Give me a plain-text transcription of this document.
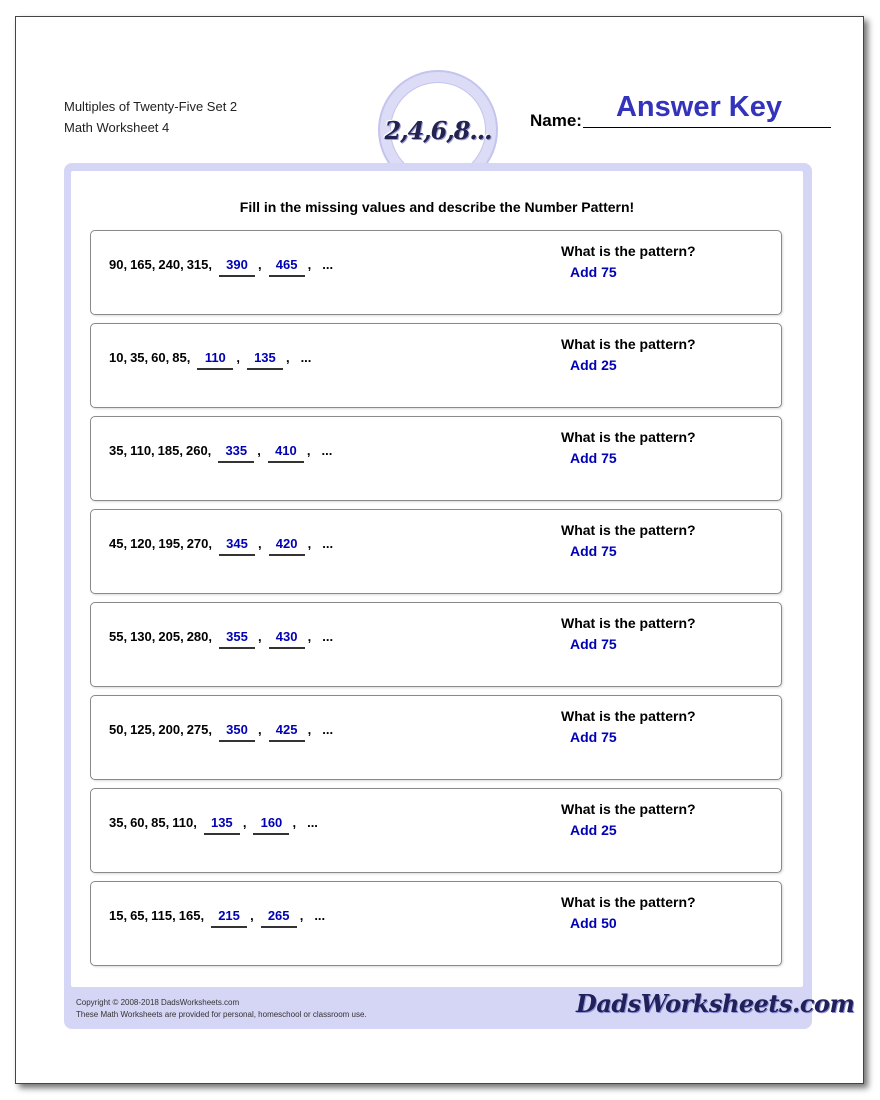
Multiples of Twenty-Five Set 2
Math Worksheet 4	2,4,6,8... Name:	Answer Key
Fill in the missing values and describe the Number Pattern!
90, 165, 240, 315,	390 ,	465 , ...
What is the pattern?
Add 75
10, 35, 60, 85,	110 ,	135 , ...
What is the pattern?
Add 25
35, 110, 185, 260,	335 ,	410 , ...
What is the pattern?
Add 75
45, 120, 195, 270,	345 ,	420 , ...
What is the pattern?
Add 75
55, 130, 205, 280,	355 ,	430 , ...
What is the pattern?
Add 75
50, 125, 200, 275,	350 ,	425 , ...
What is the pattern?
Add 75
35, 60, 85, 110,	135 ,	160 , ...
What is the pattern?
Add 25
15, 65, 115, 165,	215 ,	265 , ...
What is the pattern?
Add 50
Copyright © 2008-2018 DadsWorksheets.com
These Math Worksheets are provided for personal, homeschool or classroom use.	DadsWorksheets.com
